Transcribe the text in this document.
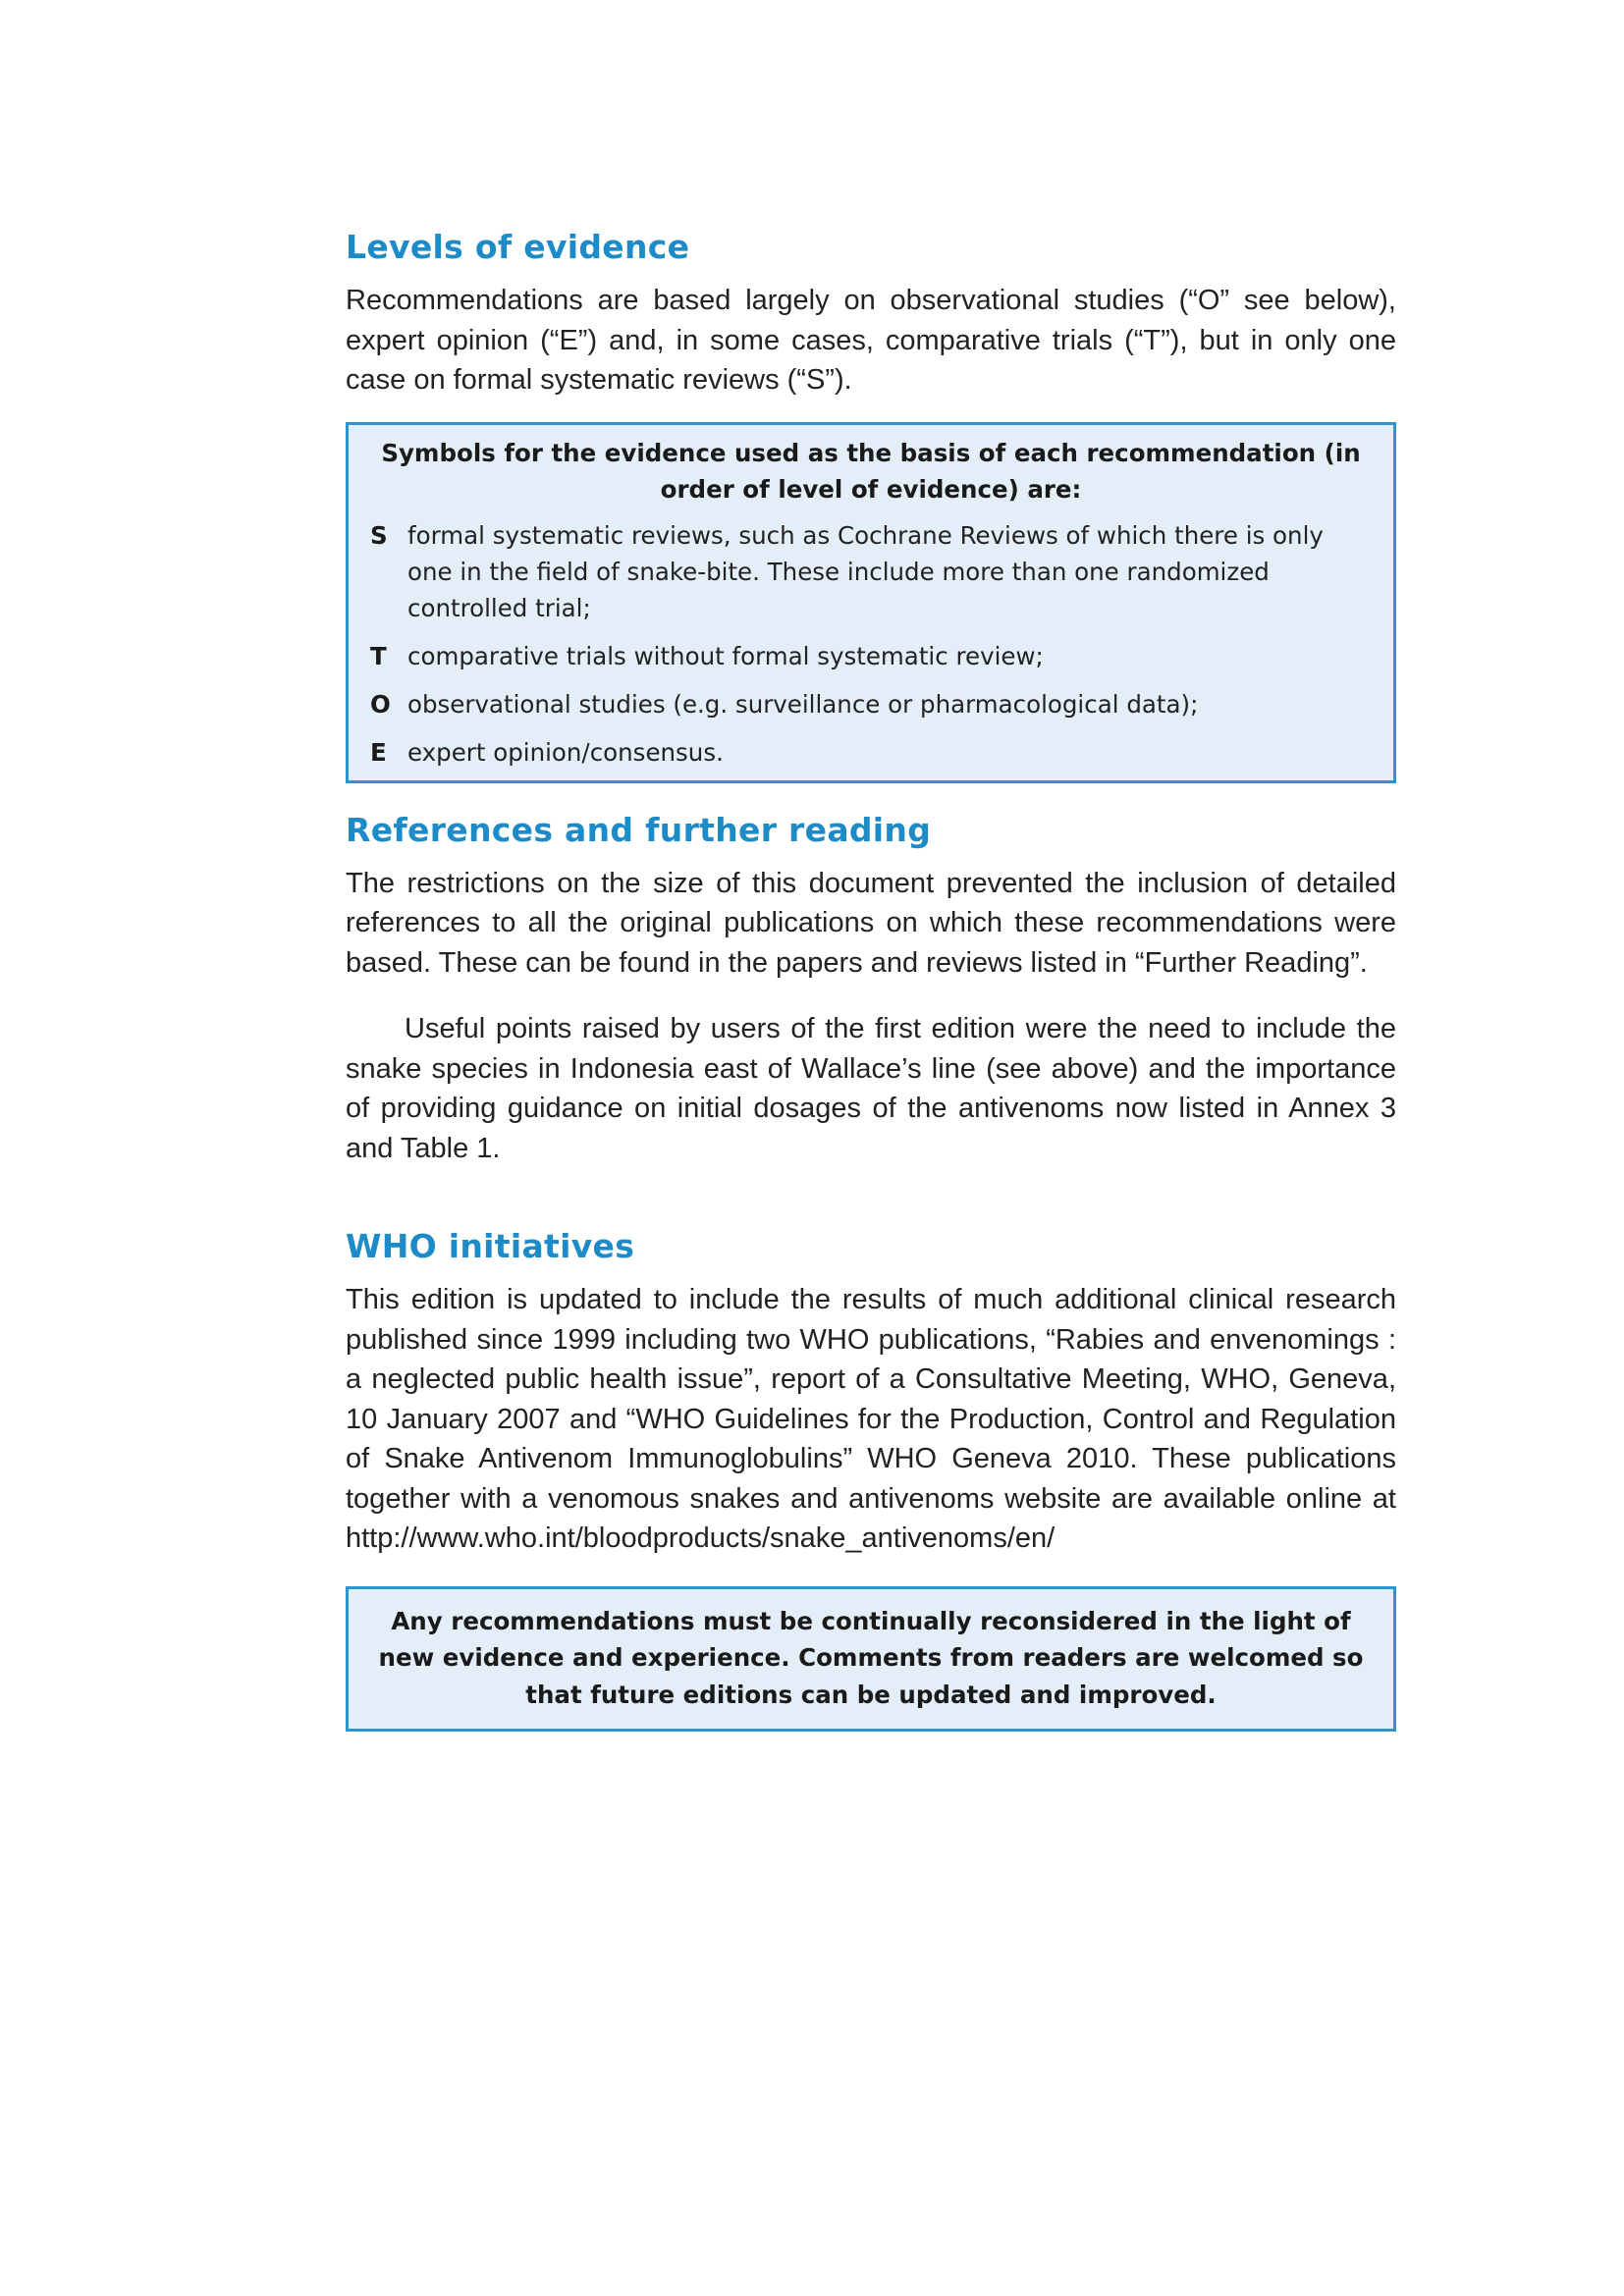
Levels of evidence

Recommendations are based largely on observational studies (“O” see below), expert opinion (“E”) and, in some cases, comparative trials (“T”), but in only one case on formal systematic reviews (“S”).

Symbols for the evidence used as the basis of each recommendation (in order of level of evidence) are:
S formal systematic reviews, such as Cochrane Reviews of which there is only one in the field of snake-bite. These include more than one randomized controlled trial;
T comparative trials without formal systematic review;
O observational studies (e.g. surveillance or pharmacological data);
E expert opinion/consensus.
References and further reading

The restrictions on the size of this document prevented the inclusion of detailed references to all the original publications on which these recommendations were based. These can be found in the papers and reviews listed in “Further Reading”.

Useful points raised by users of the first edition were the need to include the snake species in Indonesia east of Wallace’s line (see above) and the importance of providing guidance on initial dosages of the antivenoms now listed in Annex 3 and Table 1.

WHO initiatives

This edition is updated to include the results of much additional clinical research published since 1999 including two WHO publications, “Rabies and envenomings : a neglected public health issue”, report of a Consultative Meeting, WHO, Geneva, 10 January 2007 and “WHO Guidelines for the Production, Control and Regulation of Snake Antivenom Immunoglobulins” WHO Geneva 2010. These publications together with a venomous snakes and antivenoms website are available online at http://www.who.int/bloodproducts/snake_antivenoms/en/

Any recommendations must be continually reconsidered in the light of new evidence and experience. Comments from readers are welcomed so that future editions can be updated and improved.
